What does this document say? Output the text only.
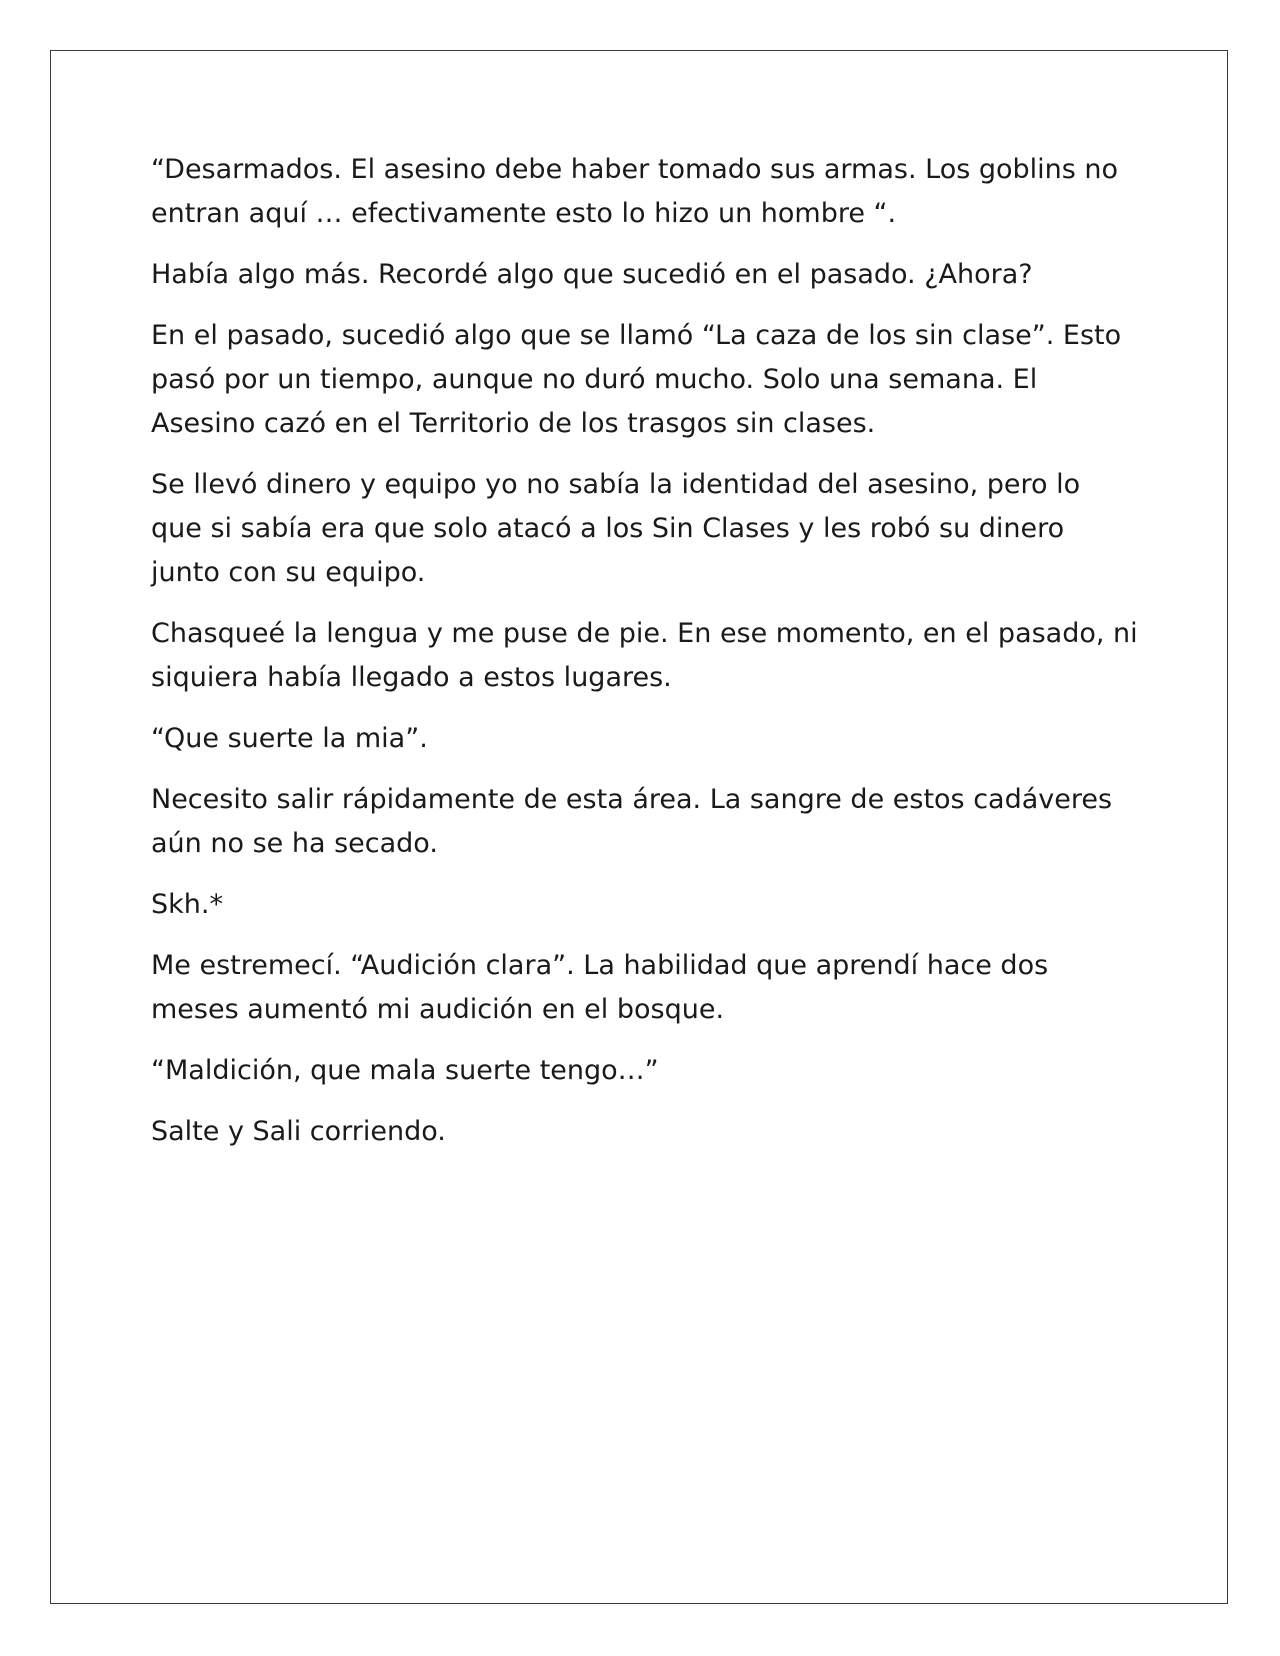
“Desarmados. El asesino debe haber tomado sus armas. Los goblins no
entran aquí … efectivamente esto lo hizo un hombre “.

Había algo más. Recordé algo que sucedió en el pasado. ¿Ahora?

En el pasado, sucedió algo que se llamó “La caza de los sin clase”. Esto
pasó por un tiempo, aunque no duró mucho. Solo una semana. El
Asesino cazó en el Territorio de los trasgos sin clases.

Se llevó dinero y equipo yo no sabía la identidad del asesino, pero lo
que si sabía era que solo atacó a los Sin Clases y les robó su dinero
junto con su equipo.

Chasqueé la lengua y me puse de pie. En ese momento, en el pasado, ni
siquiera había llegado a estos lugares.

“Que suerte la mia”.

Necesito salir rápidamente de esta área. La sangre de estos cadáveres
aún no se ha secado.

Skh.*

Me estremecí. “Audición clara”. La habilidad que aprendí hace dos
meses aumentó mi audición en el bosque.

“Maldición, que mala suerte tengo…”

Salte y Sali corriendo.
